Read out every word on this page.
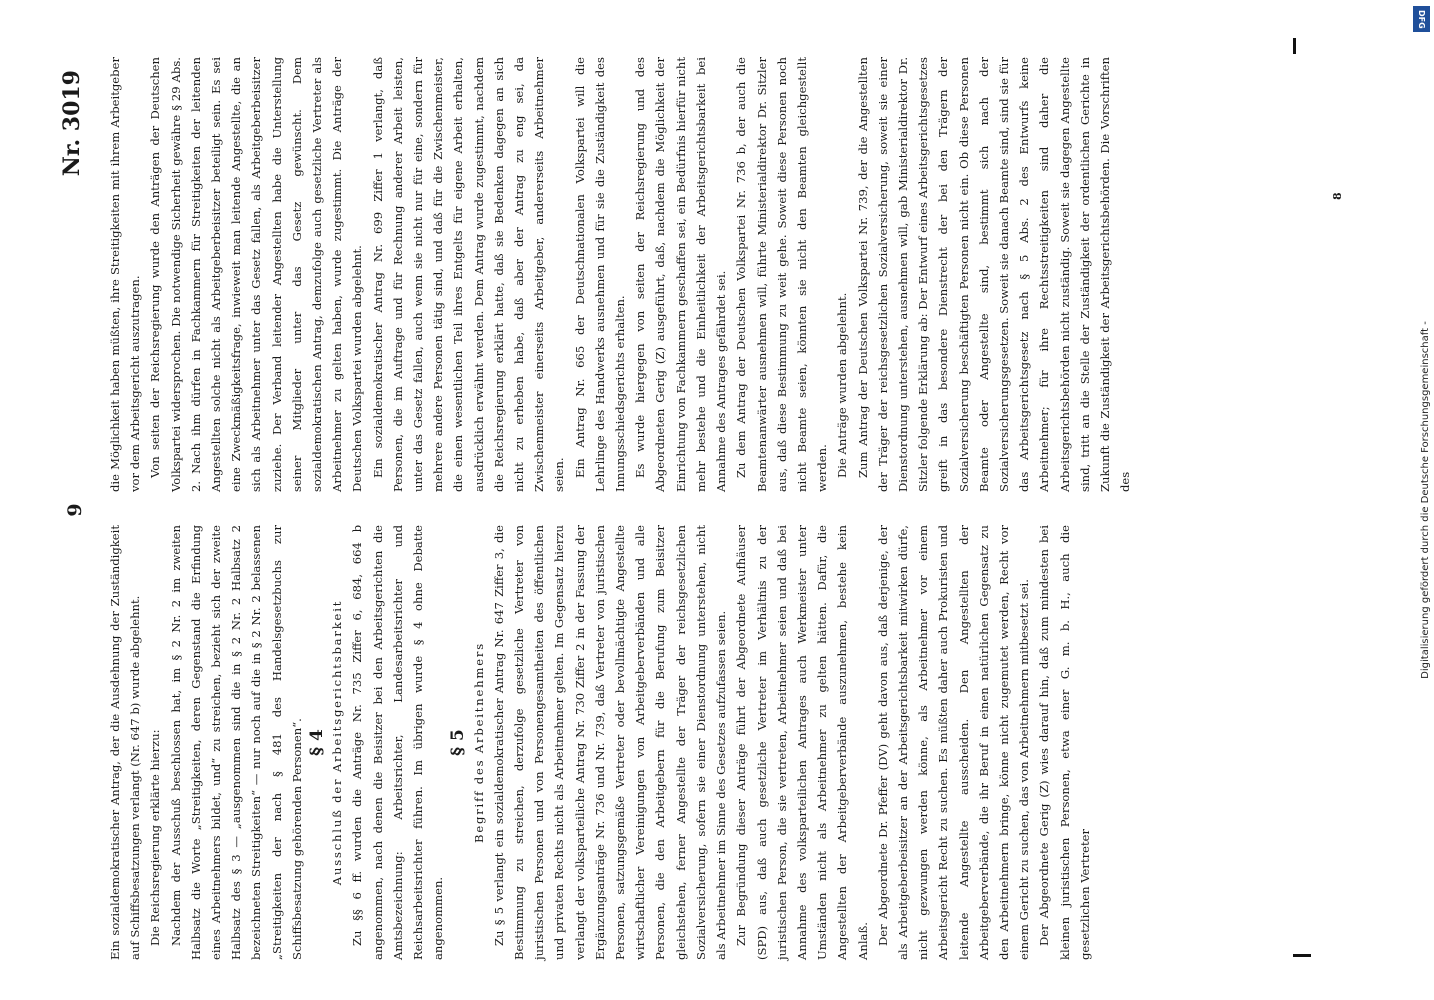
DFG
Digitalisierung gefördert durch die Deutsche Forschungsgemeinschaft -
9
Nr. 3019

Ein sozialdemokratischer Antrag, der die Ausdehnung der Zuständigkeit auf Schiffsbesatzungen verlangt (Nr. 647 b) wurde abgelehnt. Die Reichsregierung erklärte hierzu: Nachdem der Ausschuß beschlossen hat, im § 2 Nr. 2 im zweiten Halbsatz die Worte „Streitigkeiten, deren Gegenstand die Erfindung eines Arbeitnehmers bildet, und“ zu streichen, bezieht sich der zweite Halbsatz des § 3 — „ausgenommen sind die in § 2 Nr. 2 Halbsatz 2 bezeichneten Streitigkeiten“ — nur noch auf die in § 2 Nr. 2 belassenen „Streitigkeiten der nach § 481 des Handelsgesetzbuchs zur Schiffsbesatzung gehörenden Personen“. § 4 Ausschluß der Arbeitsgerichtsbarkeit Zu §§ 6 ff. wurden die Anträge Nr. 735 Ziffer 6, 684, 664 b angenommen, nach denen die Beisitzer bei den Arbeitsgerichten die Amtsbezeichnung: Arbeitsrichter, Landesarbeitsrichter und Reichsarbeitsrichter führen. Im übrigen wurde § 4 ohne Debatte angenommen.

§ 5 Begriff des Arbeitnehmers Zu § 5 verlangt ein sozialdemokratischer Antrag Nr. 647 Ziffer 3, die Bestimmung zu streichen, derzufolge gesetzliche Vertreter von juristischen Personen und von Personengesamtheiten des öffentlichen und privaten Rechts nicht als Arbeitnehmer gelten. Im Gegensatz hierzu verlangt der volksparteiliche Antrag Nr. 730 Ziffer 2 in der Fassung der Ergänzungsanträge Nr. 736 und Nr. 739, daß Vertreter von juristischen Personen, satzungsgemäße Vertreter oder bevollmächtigte Angestellte wirtschaftlicher Vereinigungen von Arbeitgeberverbänden und alle Personen, die den Arbeitgebern für die Berufung zum Beisitzer gleichstehen, ferner Angestellte der Träger der reichsgesetzlichen Sozialversicherung, sofern sie einer Dienstordnung unterstehen, nicht als Arbeitnehmer im Sinne des Gesetzes aufzufassen seien. Zur Begründung dieser Anträge führt der Abgeordnete Aufhäuser (SPD) aus, daß auch gesetzliche Vertreter im Verhältnis zu der juristischen Person, die sie vertreten, Arbeitnehmer seien und daß bei Annahme des volksparteilichen Antrages auch Werkmeister unter Umständen nicht als Arbeitnehmer zu gelten hätten. Dafür, die Angestellten der Arbeitgeberverbände auszunehmen, bestehe kein Anlaß. Der Abgeordnete Dr. Pfeffer (DV) geht davon aus, daß derjenige, der als Arbeitgeberbeisitzer an der Arbeitsgerichtsbarkeit mitwirken dürfe, nicht gezwungen werden könne, als Arbeitnehmer vor einem Arbeitsgericht Recht zu suchen. Es müßten daher auch Prokuristen und leitende Angestellte ausscheiden. Den Angestellten der Arbeitgeberverbände, die ihr Beruf in einen natürlichen Gegensatz zu den Arbeitnehmern bringe, könne nicht zugemutet werden, Recht vor einem Gericht zu suchen, das von Arbeitnehmern mitbesetzt sei. Der Abgeordnete Gerig (Z) wies darauf hin, daß zum mindesten bei kleinen juristischen Personen, etwa einer G. m. b. H., auch die gesetzlichen Vertreter

die Möglichkeit haben müßten, ihre Streitigkeiten mit ihrem Arbeitgeber vor dem Arbeitsgericht auszutragen. Von seiten der Reichsregierung wurde den Anträgen der Deutschen Volkspartei widersprochen. Die notwendige Sicherheit gewähre § 29 Abs. 2. Nach ihm dürfen in Fachkammern für Streitigkeiten der leitenden Angestellten solche nicht als Arbeitgeberbeisitzer beteiligt sein. Es sei eine Zweckmäßigkeitsfrage, inwieweit man leitende Angestellte, die an sich als Arbeitnehmer unter das Gesetz fallen, als Arbeitgeberbeisitzer zuziehe. Der Verband leitender Angestellten habe die Unterstellung seiner Mitglieder unter das Gesetz gewünscht. Dem sozialdemokratischen Antrag, demzufolge auch gesetzliche Vertreter als Arbeitnehmer zu gelten haben, wurde zugestimmt. Die Anträge der Deutschen Volkspartei wurden abgelehnt. Ein sozialdemokratischer Antrag Nr. 699 Ziffer 1 verlangt, daß Personen, die im Auftrage und für Rechnung anderer Arbeit leisten, unter das Gesetz fallen, auch wenn sie nicht nur für eine, sondern für mehrere andere Personen tätig sind, und daß für die Zwischenmeister, die einen wesentlichen Teil ihres Entgelts für eigene Arbeit erhalten, ausdrücklich erwähnt werden. Dem Antrag wurde zugestimmt, nachdem die Reichsregierung erklärt hatte, daß sie Bedenken dagegen an sich nicht zu erheben habe, daß aber der Antrag zu eng sei, da Zwischenmeister einerseits Arbeitgeber, andererseits Arbeitnehmer seien. Ein Antrag Nr. 665 der Deutschnationalen Volkspartei will die Lehrlinge des Handwerks ausnehmen und für sie die Zuständigkeit des Innungsschiedsgerichts erhalten. Es wurde hiergegen von seiten der Reichsregierung und des Abgeordneten Gerig (Z) ausgeführt, daß, nachdem die Möglichkeit der Einrichtung von Fachkammern geschaffen sei, ein Bedürfnis hierfür nicht mehr bestehe und die Einheitlichkeit der Arbeitsgerichtsbarkeit bei Annahme des Antrages gefährdet sei. Zu dem Antrag der Deutschen Volkspartei Nr. 736 b, der auch die Beamtenanwärter ausnehmen will, führte Ministerialdirektor Dr. Sitzler aus, daß diese Bestimmung zu weit gehe. Soweit diese Personen noch nicht Beamte seien, könnten sie nicht den Beamten gleichgestellt werden. Die Anträge wurden abgelehnt. Zum Antrag der Deutschen Volkspartei Nr. 739, der die Angestellten der Träger der reichsgesetzlichen Sozialversicherung, soweit sie einer Dienstordnung unterstehen, ausnehmen will, gab Ministerialdirektor Dr. Sitzler folgende Erklärung ab: Der Entwurf eines Arbeitsgerichtsgesetzes greift in das besondere Dienstrecht der bei den Trägern der Sozialversicherung beschäftigten Personen nicht ein. Ob diese Personen Beamte oder Angestellte sind, bestimmt sich nach der Sozialversicherungsgesetzen. Soweit sie danach Beamte sind, sind sie für das Arbeitsgerichtsgesetz nach § 5 Abs. 2 des Entwurfs keine Arbeitnehmer; für ihre Rechtsstreitigkeiten sind daher die Arbeitsgerichtsbehörden nicht zuständig. Soweit sie dagegen Angestellte sind, tritt an die Stelle der Zuständigkeit der ordentlichen Gerichte in Zukunft die Zuständigkeit der Arbeitsgerichtsbehörden. Die Vorschriften des

8
